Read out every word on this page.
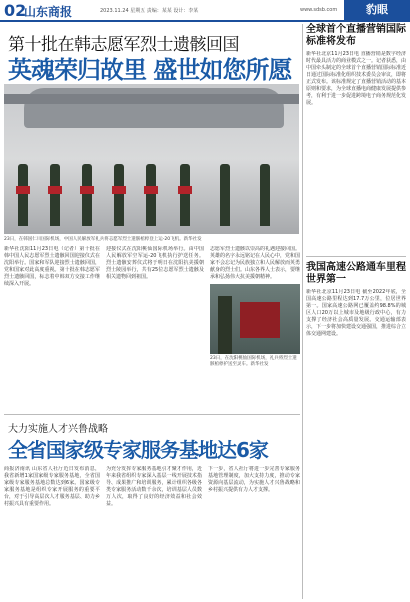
02
山东商报	2023.11.24 星期五 责编：某某 设计：李某	www.sdsb.com	豹眼
第十批在韩志愿军烈士遗骸回国
英魂荣归故里 盛世如您所愿
23日，在韩国仁川国际机场，中国人民解放军礼兵将志愿军烈士遗骸棺椁登上运-20飞机。新华社发
新华社沈阳11月23日电（记者）第十批在韩中国人民志愿军烈士遗骸回国迎接仪式在沈阳举行。国家和军队迎接烈士遗骸回国，党和国家对此高度重视。第十批在韩志愿军烈士遗骸回国，标志着中韩双方交接工作继续深入开展。
迎接仪式在沈阳桃仙国际机场举行。由中国人民解放军空军运-20飞机执行护送任务。烈士遗骸安葬仪式将于明日在沈阳抗美援朝烈士陵园举行，共有25位志愿军烈士遗骸及相关遗物回到祖国。
志愿军烈士遗骸以崇高的礼遇迎接回国。英雄的名字永远铭记在人民心中，党和国家不会忘记为民族独立和人民解放而英勇献身的烈士们。山东各界人士表示，要继承和弘扬伟大抗美援朝精神。
23日，在沈阳桃仙国际机场，礼兵将烈士遗骸棺椁护送至灵车。新华社发
大力实施人才兴鲁战略
全省国家级专家服务基地达6家
商报济南讯 山东省人社厅近日发布消息，我省新增1家国家级专家服务基地，全省国家级专家服务基地总数达到6家。国家级专家服务基地是组织专家开展服务的重要平台，对于引导高层次人才服务基层、助力乡村振兴具有重要作用。
为充分发挥专家服务基地引才聚才作用，近年来我省组织专家深入基层一线开展技术指导、成果推广和培训服务，累计组织各级各类专家服务活动数千余次，培训基层人员数万人次，取得了良好的经济效益和社会效益。
下一步，省人社厅将进一步完善专家服务基地管理制度，加大支持力度，推动专家资源向基层流动，为实施人才兴鲁战略和乡村振兴提供有力人才支撑。
全球首个直播营销国际标准将发布
新华社北京11月23日电 直播营销是数字经济时代最具活力的商业模式之一。记者获悉，由中国牵头制定的全球首个直播营销国际标准近日通过国际标准化组织技术委员会审议，即将正式发布。该标准规定了直播营销活动的基本原则和要求，为全球直播电商健康发展提供参考，有利于进一步促进跨境电子商务规范化发展。
我国高速公路通车里程世界第一
新华社北京11月23日电 截至2022年底，全国高速公路里程达到17.7万公里，位居世界第一。国家高速公路网已覆盖约98.8%的城区人口20万以上城市及地级行政中心，有力支撑了经济社会高质量发展。交通运输部表示，下一步将加快建设交通强国，推进综合立体交通网建设。
